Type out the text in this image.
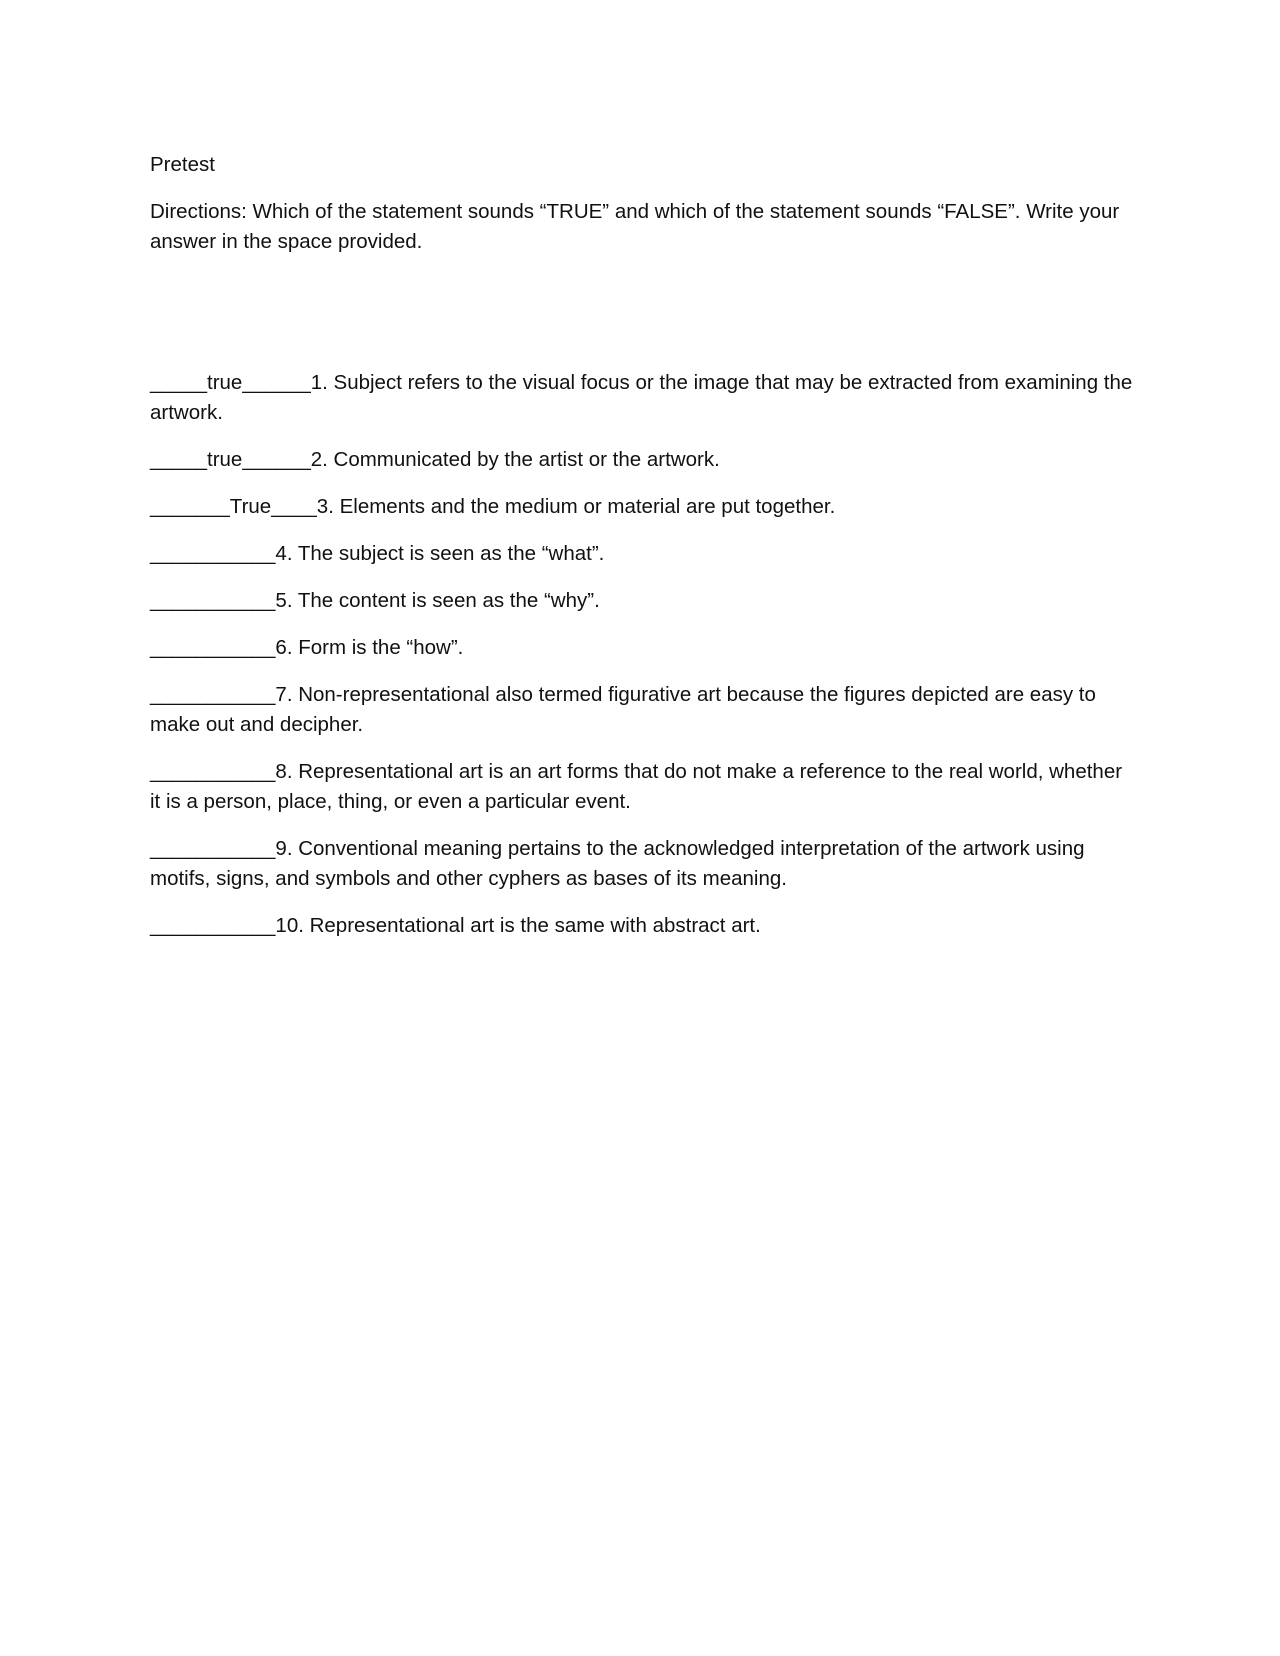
Pretest
Directions: Which of the statement sounds “TRUE” and which of the statement sounds “FALSE”. Write your answer in the space provided.
_____true______1. Subject refers to the visual focus or the image that may be extracted from examining the artwork.
_____true______2. Communicated by the artist or the artwork.
_______True____3. Elements and the medium or material are put together.
___________4. The subject is seen as the “what”.
___________5. The content is seen as the “why”.
___________6. Form is the “how”.
___________7. Non-representational also termed figurative art because the figures depicted are easy to make out and decipher.
___________8. Representational art is an art forms that do not make a reference to the real world, whether it is a person, place, thing, or even a particular event.
___________9. Conventional meaning pertains to the acknowledged interpretation of the artwork using motifs, signs, and symbols and other cyphers as bases of its meaning.
___________10. Representational art is the same with abstract art.
